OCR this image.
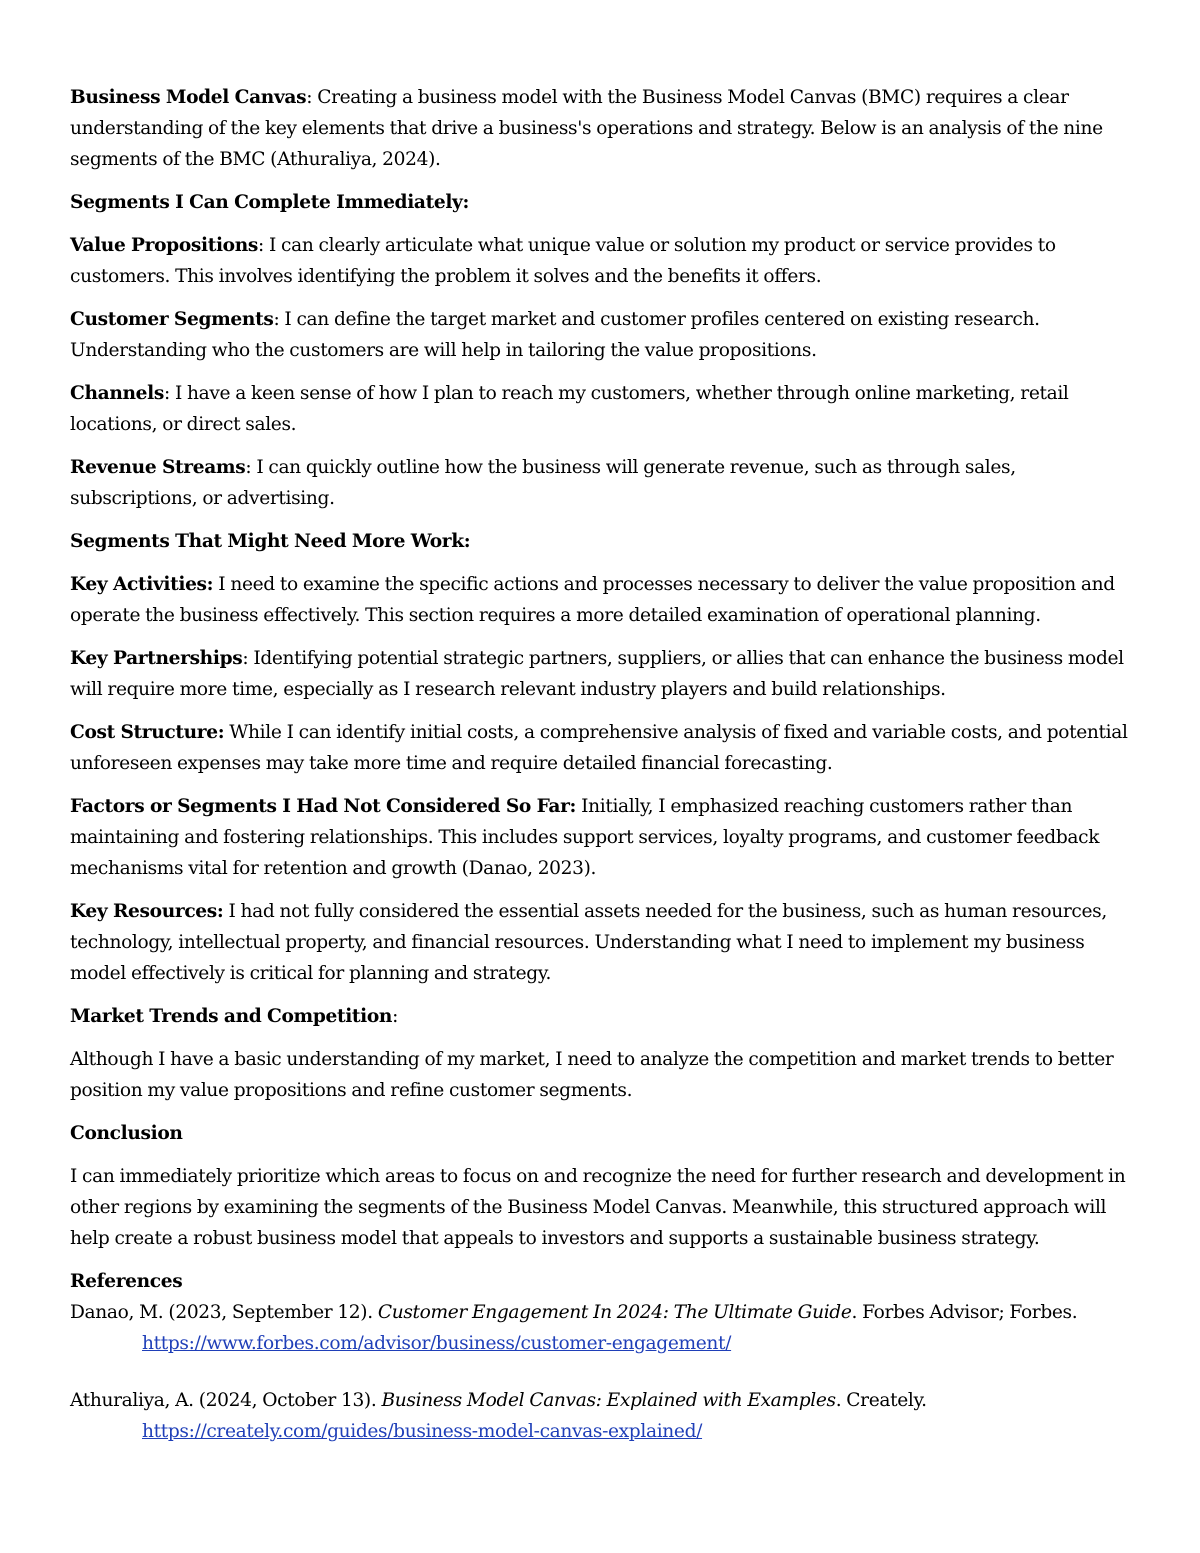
Business Model Canvas: Creating a business model with the Business Model Canvas (BMC) requires a clear understanding of the key elements that drive a business's operations and strategy. Below is an analysis of the nine segments of the BMC (Athuraliya, 2024).

Segments I Can Complete Immediately:

Value Propositions: I can clearly articulate what unique value or solution my product or service provides to customers. This involves identifying the problem it solves and the benefits it offers.

Customer Segments: I can define the target market and customer profiles centered on existing research. Understanding who the customers are will help in tailoring the value propositions.

Channels: I have a keen sense of how I plan to reach my customers, whether through online marketing, retail locations, or direct sales.

Revenue Streams: I can quickly outline how the business will generate revenue, such as through sales, subscriptions, or advertising.

Segments That Might Need More Work:

Key Activities: I need to examine the specific actions and processes necessary to deliver the value proposition and operate the business effectively. This section requires a more detailed examination of operational planning.

Key Partnerships: Identifying potential strategic partners, suppliers, or allies that can enhance the business model will require more time, especially as I research relevant industry players and build relationships.

Cost Structure: While I can identify initial costs, a comprehensive analysis of fixed and variable costs, and potential unforeseen expenses may take more time and require detailed financial forecasting.

Factors or Segments I Had Not Considered So Far: Initially, I emphasized reaching customers rather than maintaining and fostering relationships. This includes support services, loyalty programs, and customer feedback mechanisms vital for retention and growth (Danao, 2023).

Key Resources: I had not fully considered the essential assets needed for the business, such as human resources, technology, intellectual property, and financial resources. Understanding what I need to implement my business model effectively is critical for planning and strategy.

Market Trends and Competition:

Although I have a basic understanding of my market, I need to analyze the competition and market trends to better position my value propositions and refine customer segments.

Conclusion

I can immediately prioritize which areas to focus on and recognize the need for further research and development in other regions by examining the segments of the Business Model Canvas. Meanwhile, this structured approach will help create a robust business model that appeals to investors and supports a sustainable business strategy.

References

Danao, M. (2023, September 12). Customer Engagement In 2024: The Ultimate Guide. Forbes Advisor; Forbes. https://www.forbes.com/advisor/business/customer-engagement/

Athuraliya, A. (2024, October 13). Business Model Canvas: Explained with Examples. Creately. https://creately.com/guides/business-model-canvas-explained/
